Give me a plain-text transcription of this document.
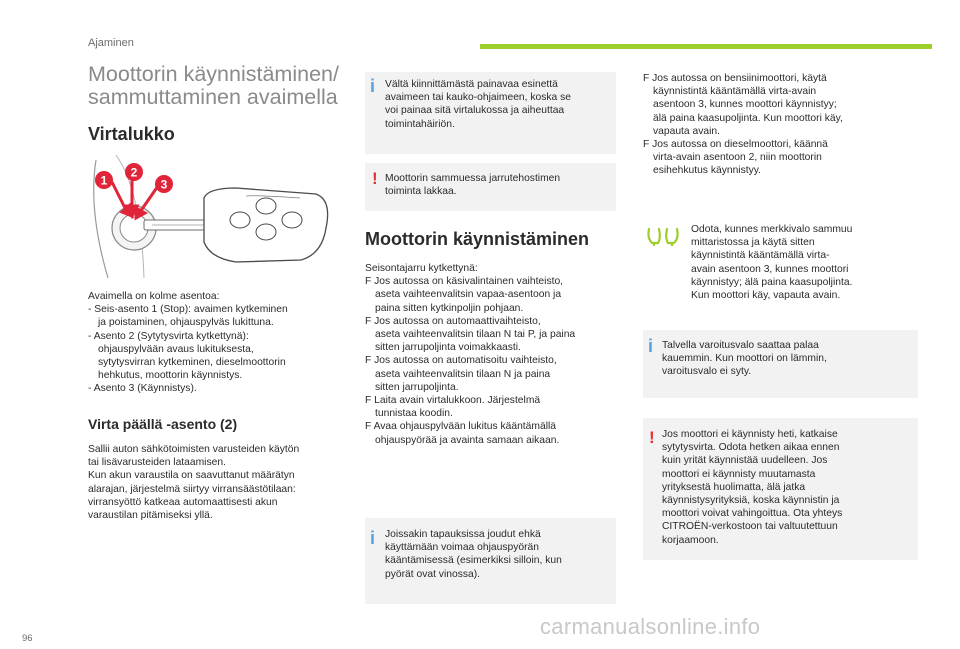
Ajaminen
Moottorin käynnistäminen/
sammuttaminen avaimella
Virtalukko
1
2
3
Avaimella on kolme asentoa:
- Seis-asento 1 (Stop): avaimen kytkeminen
ja poistaminen, ohjauspylväs lukittuna.
- Asento 2 (Sytytysvirta kytkettynä):
ohjauspylvään avaus lukituksesta,
sytytysvirran kytkeminen, dieselmoottorin
hehkutus, moottorin käynnistys.
- Asento 3 (Käynnistys).
Virta päällä -asento (2)
Sallii auton sähkötoimisten varusteiden käytön
tai lisävarusteiden lataamisen.
Kun akun varaustila on saavuttanut määrätyn
alarajan, järjestelmä siirtyy virransäästötilaan:
virransyöttö katkeaa automaattisesti akun
varaustilan pitämiseksi yllä.
i Vältä kiinnittämästä painavaa esinettä
avaimeen tai kauko-ohjaimeen, koska se
voi painaa sitä virtalukossa ja aiheuttaa
toimintahäiriön.
! Moottorin sammuessa jarrutehostimen
toiminta lakkaa.
Moottorin käynnistäminen
Seisontajarru kytkettynä:
F Jos autossa on käsivalintainen vaihteisto,
aseta vaihteenvalitsin vapaa-asentoon ja
paina sitten kytkinpoljin pohjaan.
F Jos autossa on automaattivaihteisto,
aseta vaihteenvalitsin tilaan N tai P, ja paina
sitten jarrupoljinta voimakkaasti.
F Jos autossa on automatisoitu vaihteisto,
aseta vaihteenvalitsin tilaan N ja paina
sitten jarrupoljinta.
F Laita avain virtalukkoon. Järjestelmä
tunnistaa koodin.
F Avaa ohjauspylvään lukitus kääntämällä
ohjauspyörää ja avainta samaan aikaan.
i Joissakin tapauksissa joudut ehkä
käyttämään voimaa ohjauspyörän
kääntämisessä (esimerkiksi silloin, kun
pyörät ovat vinossa).
F Jos autossa on bensiinimoottori, käytä
käynnistintä kääntämällä virta-avain
asentoon 3, kunnes moottori käynnistyy;
älä paina kaasupoljinta. Kun moottori käy,
vapauta avain.
F Jos autossa on dieselmoottori, käännä
virta-avain asentoon 2, niin moottorin
esihehkutus käynnistyy.
Odota, kunnes merkkivalo sammuu
mittaristossa ja käytä sitten
käynnistintä kääntämällä virta-
avain asentoon 3, kunnes moottori
käynnistyy; älä paina kaasupoljinta.
Kun moottori käy, vapauta avain.
i Talvella varoitusvalo saattaa palaa
kauemmin. Kun moottori on lämmin,
varoitusvalo ei syty.
! Jos moottori ei käynnisty heti, katkaise
sytytysvirta. Odota hetken aikaa ennen
kuin yrität käynnistää uudelleen. Jos
moottori ei käynnisty muutamasta
yrityksestä huolimatta, älä jatka
käynnistysyrityksiä, koska käynnistin ja
moottori voivat vahingoittua. Ota yhteys
CITROËN-verkostoon tai valtuutettuun
korjaamoon.
carmanualsonline.info
96
